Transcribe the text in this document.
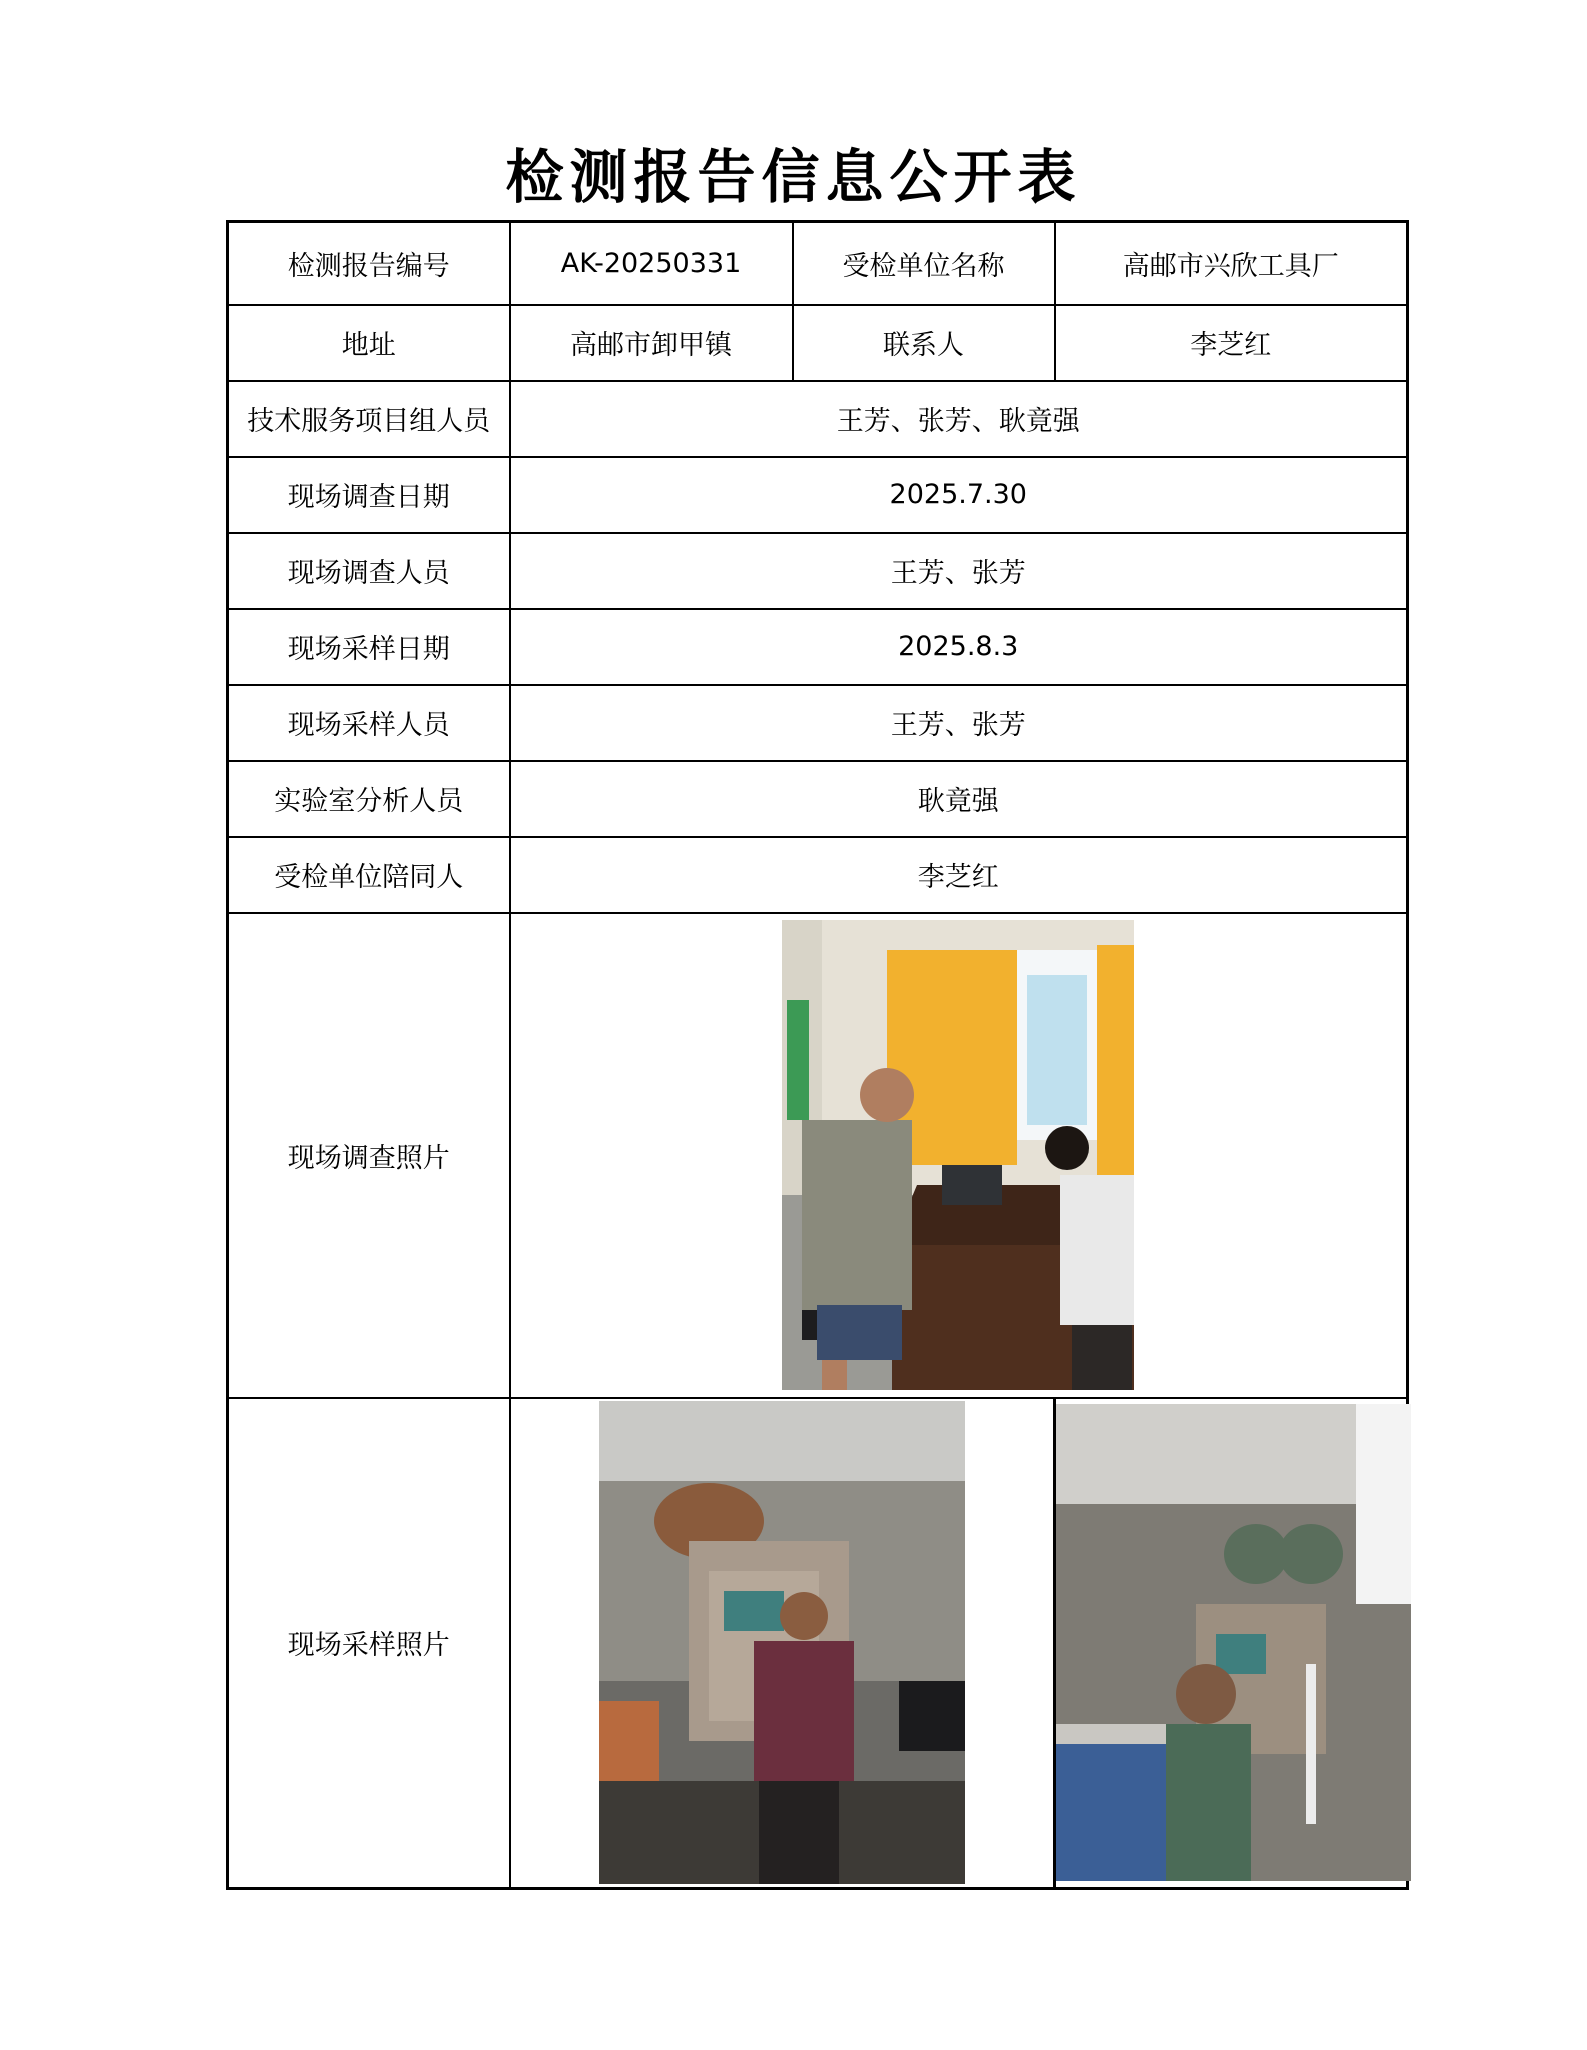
检测报告信息公开表
检测报告编号	AK-20250331	受检单位名称	高邮市兴欣工具厂
地址	高邮市卸甲镇	联系人	李芝红
技术服务项目组人员	王芳、张芳、耿竟强		
现场调查日期	2025.7.30		
现场调查人员	王芳、张芳		
现场采样日期	2025.8.3		
现场采样人员	王芳、张芳		
实验室分析人员	耿竟强		
受检单位陪同人	李芝红		
现场调查照片	

现场采样照片	
